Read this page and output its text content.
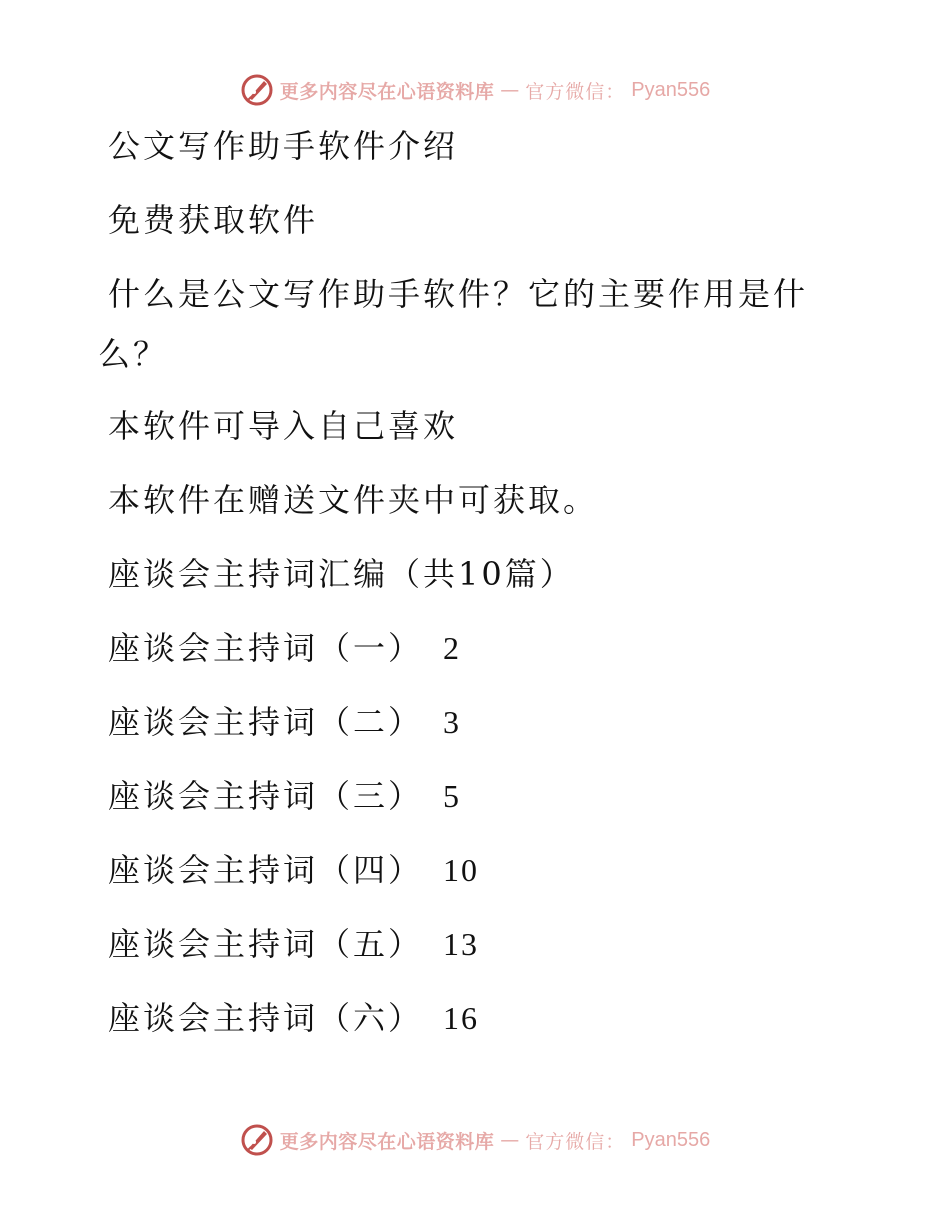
更多内容尽在心语资料库 — 官方微信： Pyan556
公文写作助手软件介绍
免费获取软件
什么是公文写作助手软件？它的主要作用是什
么？
本软件可导入自己喜欢
本软件在赠送文件夹中可获取。
座谈会主持词汇编（共10篇）
座谈会主持词（一） 2
座谈会主持词（二） 3
座谈会主持词（三） 5
座谈会主持词（四） 10
座谈会主持词（五） 13
座谈会主持词（六） 16
更多内容尽在心语资料库 — 官方微信： Pyan556
